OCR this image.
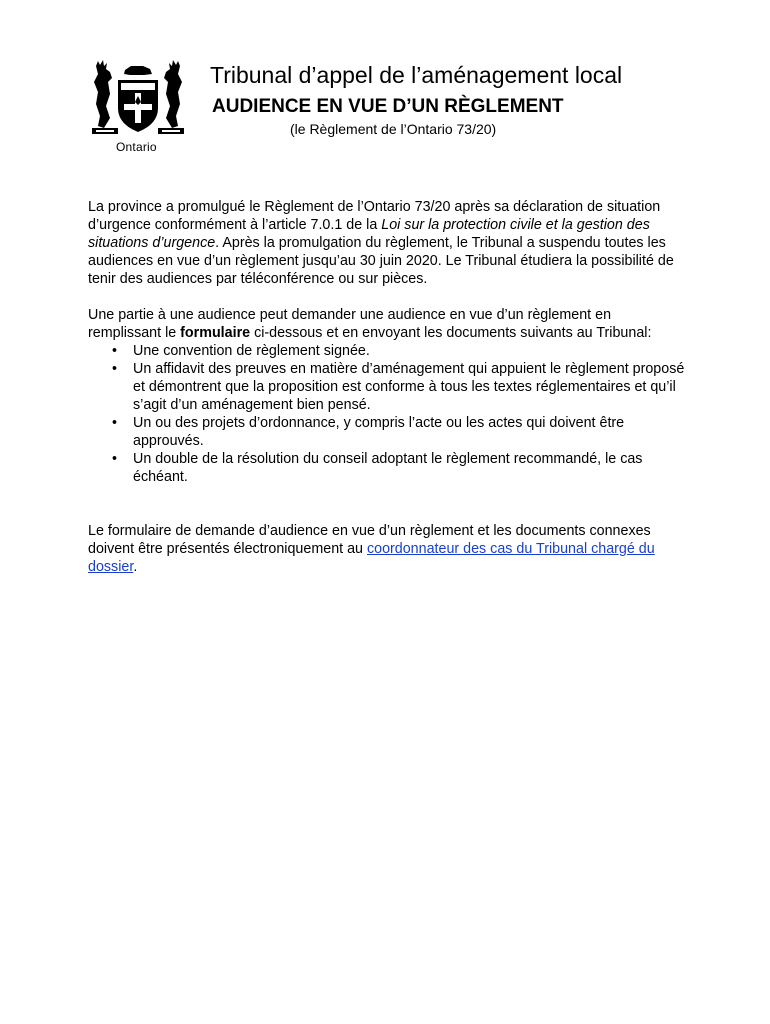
Ontario
Tribunal d’appel de l’aménagement local
AUDIENCE EN VUE D’UN RÈGLEMENT
(le Règlement de l’Ontario 73/20)
La province a promulgué le Règlement de l’Ontario 73/20 après sa déclaration de situation d’urgence conformément à l’article 7.0.1 de la Loi sur la protection civile et la gestion des situations d’urgence. Après la promulgation du règlement, le Tribunal a suspendu toutes les audiences en vue d’un règlement jusqu’au 30 juin 2020. Le Tribunal étudiera la possibilité de tenir des audiences par téléconférence ou sur pièces.
Une partie à une audience peut demander une audience en vue d’un règlement en remplissant le formulaire ci-dessous et en envoyant les documents suivants au Tribunal:
• Une convention de règlement signée.
• Un affidavit des preuves en matière d’aménagement qui appuient le règlement proposé et démontrent que la proposition est conforme à tous les textes réglementaires et qu’il s’agit d’un aménagement bien pensé.
• Un ou des projets d’ordonnance, y compris l’acte ou les actes qui doivent être approuvés.
• Un double de la résolution du conseil adoptant le règlement recommandé, le cas échéant.
Le formulaire de demande d’audience en vue d’un règlement et les documents connexes doivent être présentés électroniquement au coordonnateur des cas du Tribunal chargé du dossier.
